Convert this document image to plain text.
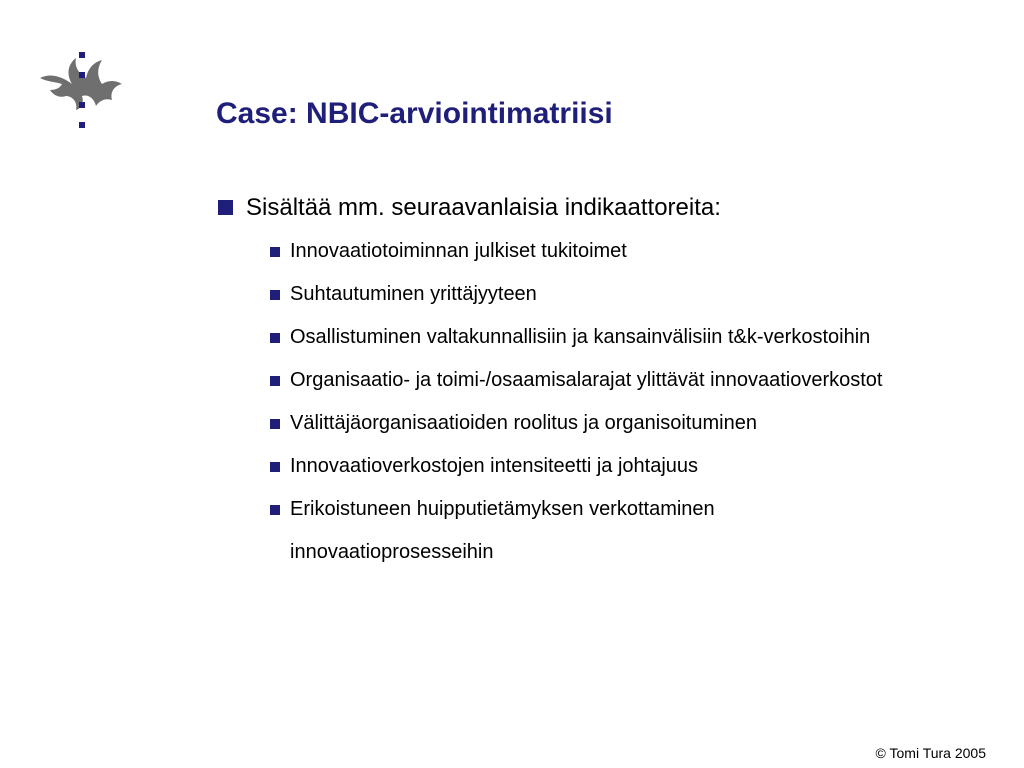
Case: NBIC-arviointimatriisi

Sisältää mm. seuraavanlaisia indikaattoreita:

Innovaatiotoiminnan julkiset tukitoimet
Suhtautuminen yrittäjyyteen
Osallistuminen valtakunnallisiin ja kansainvälisiin t&k-verkostoihin
Organisaatio- ja toimi-/osaamisalarajat ylittävät innovaatioverkostot
Välittäjäorganisaatioiden roolitus ja organisoituminen
Innovaatioverkostojen intensiteetti ja johtajuus
Erikoistuneen huipputietämyksen verkottaminen innovaatioprosesseihin
© Tomi Tura 2005
